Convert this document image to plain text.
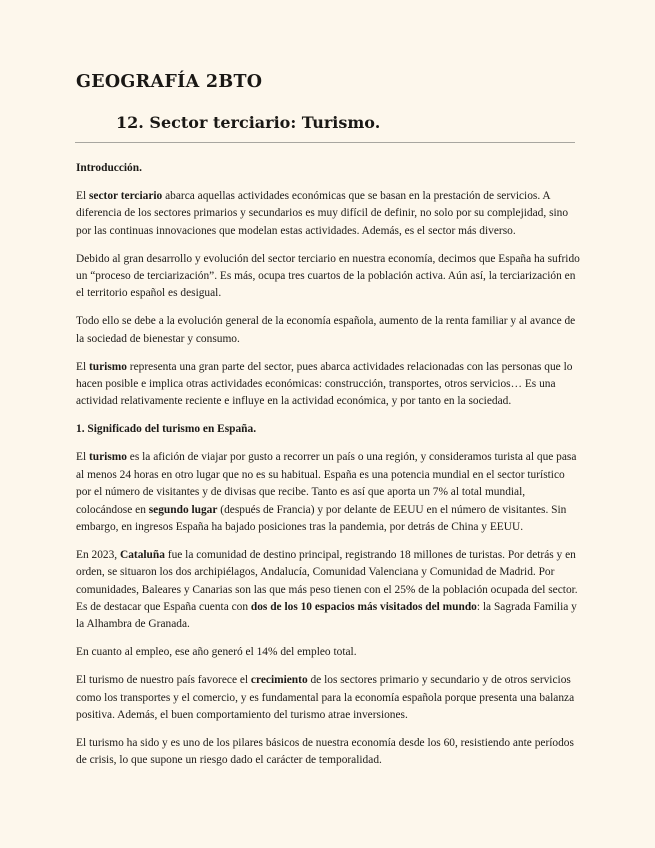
GEOGRAFÍA 2BTO
12. Sector terciario: Turismo.
Introducción.

El sector terciario abarca aquellas actividades económicas que se basan en la prestación de servicios. A diferencia de los sectores primarios y secundarios es muy difícil de definir, no solo por su complejidad, sino por las continuas innovaciones que modelan estas actividades. Además, es el sector más diverso.

Debido al gran desarrollo y evolución del sector terciario en nuestra economía, decimos que España ha sufrido un “proceso de terciarización”. Es más, ocupa tres cuartos de la población activa. Aún así, la terciarización en el territorio español es desigual.

Todo ello se debe a la evolución general de la economía española, aumento de la renta familiar y al avance de la sociedad de bienestar y consumo.

El turismo representa una gran parte del sector, pues abarca actividades relacionadas con las personas que lo hacen posible e implica otras actividades económicas: construcción, transportes, otros servicios… Es una actividad relativamente reciente e influye en la actividad económica, y por tanto en la sociedad.

1. Significado del turismo en España.

El turismo es la afición de viajar por gusto a recorrer un país o una región, y consideramos turista al que pasa al menos 24 horas en otro lugar que no es su habitual. España es una potencia mundial en el sector turístico por el número de visitantes y de divisas que recibe. Tanto es así que aporta un 7% al total mundial, colocándose en segundo lugar (después de Francia) y por delante de EEUU en el número de visitantes. Sin embargo, en ingresos España ha bajado posiciones tras la pandemia, por detrás de China y EEUU.

En 2023, Cataluña fue la comunidad de destino principal, registrando 18 millones de turistas. Por detrás y en orden, se situaron los dos archipiélagos, Andalucía, Comunidad Valenciana y Comunidad de Madrid. Por comunidades, Baleares y Canarias son las que más peso tienen con el 25% de la población ocupada del sector. Es de destacar que España cuenta con dos de los 10 espacios más visitados del mundo: la Sagrada Familia y la Alhambra de Granada.

En cuanto al empleo, ese año generó el 14% del empleo total.

El turismo de nuestro país favorece el crecimiento de los sectores primario y secundario y de otros servicios como los transportes y el comercio, y es fundamental para la economía española porque presenta una balanza positiva. Además, el buen comportamiento del turismo atrae inversiones.

El turismo ha sido y es uno de los pilares básicos de nuestra economía desde los 60, resistiendo ante períodos de crisis, lo que supone un riesgo dado el carácter de temporalidad.
